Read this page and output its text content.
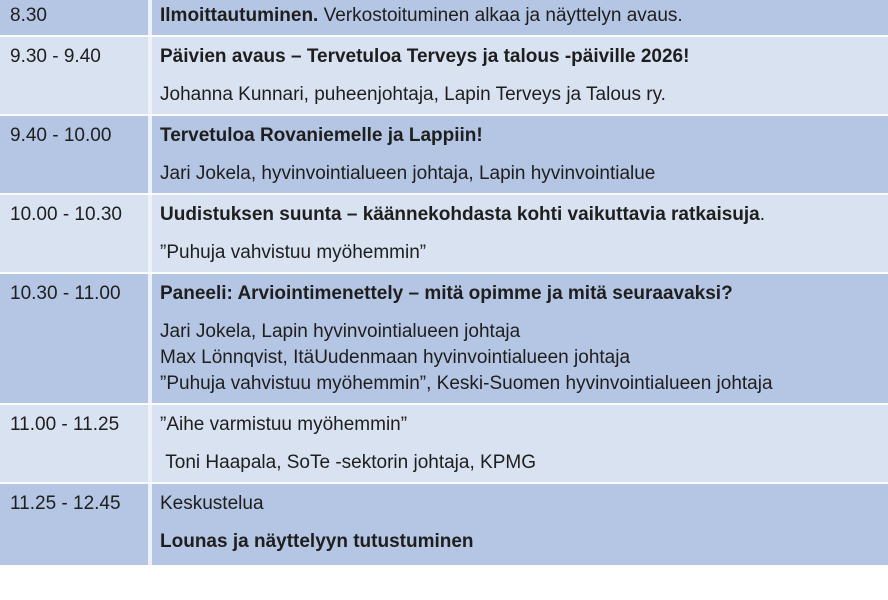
8.30	Ilmoittautuminen. Verkostoituminen alkaa ja näyttelyn avaus.

9.30 - 9.40	Päivien avaus – Tervetuloa Terveys ja talous -päiville 2026!

Johanna Kunnari, puheenjohtaja, Lapin Terveys ja Talous ry.

9.40 - 10.00	Tervetuloa Rovaniemelle ja Lappiin!

Jari Jokela, hyvinvointialueen johtaja, Lapin hyvinvointialue

10.00 - 10.30	Uudistuksen suunta – käännekohdasta kohti vaikuttavia ratkaisuja.

”Puhuja vahvistuu myöhemmin”

10.30 - 11.00	Paneeli: Arviointimenettely – mitä opimme ja mitä seuraavaksi?

Jari Jokela, Lapin hyvinvointialueen johtaja
Max Lönnqvist, ItäUudenmaan hyvinvointialueen johtaja
”Puhuja vahvistuu myöhemmin”, Keski-Suomen hyvinvointialueen johtaja
11.00 - 11.25	”Aihe varmistuu myöhemmin”

Toni Haapala, SoTe -sektorin johtaja, KPMG

11.25 - 12.45	Keskustelua

Lounas ja näyttelyyn tutustuminen
